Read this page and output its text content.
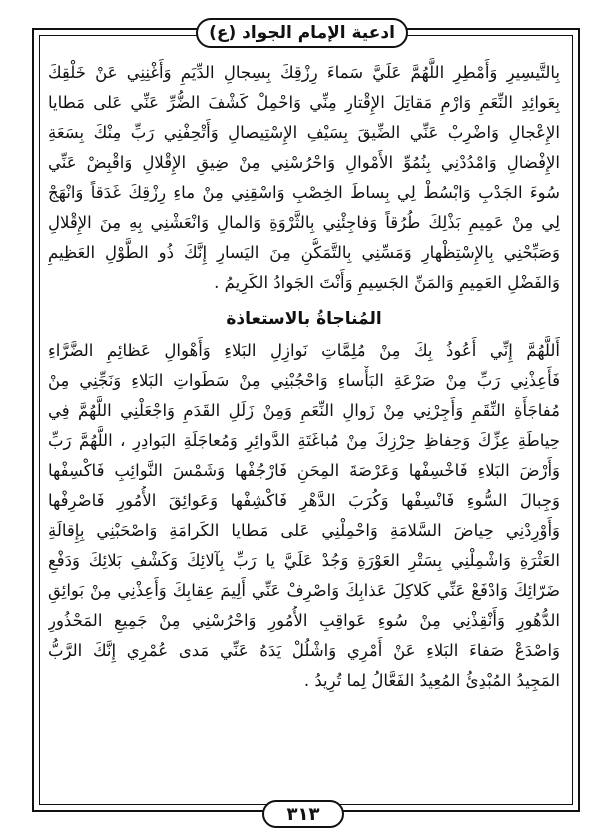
ادعية الإمام الجواد (ع)
بِالتَّيسِيرِ وَأَمْطِرِ اللَّهُمَّ عَلَيَّ سَماءَ رِزْقِكَ بِسِجالِ الدِّيَمِ وَأَغْنِنِي عَنْ خَلْقِكَ
بِعَوائِدِ النِّعَمِ وَارْمِ مَقاتِلَ الإِقْتارِ مِنِّي وَاحْمِلْ كَشْفَ الضُّرِّ عَنِّي عَلى مَطايا
الإِعْجالِ وَاضْرِبْ عَنِّي الضِّيقَ بِسَيْفِ الإِسْتِيصالِ وَأَتْحِفْنِي رَبِّ مِنْكَ بِسَعَةِ
الإِفْضالِ وَامْدُدْنِي بِنُمُوِّ الأَمْوالِ وَاحْرُسْنِي مِنْ ضِيقِ الإِقْلالِ وَاقْبِضْ عَنِّي
سُوءَ الجَدْبِ وَابْسُطْ لِي بِساطَ الخِصْبِ وَاسْقِنِي مِنْ ماءِ رِزْقِكَ غَدَقاً وَانْهَجْ
لِي مِنْ عَمِيمِ بَذْلِكَ طُرُقاً وَفاجِئْنِي بِالثَّرْوَةِ وَالمالِ وَانْعَشْنِي بِهِ مِنَ الإِقْلالِ
وَصَبِّحْنِي بِالإِسْتِظْهارِ وَمَسِّنِي بِالتَّمَكُّنِ مِنَ اليَسارِ إِنَّكَ ذُو الطَّوْلِ العَظِيمِ
وَالفَضْلِ العَمِيمِ وَالمَنِّ الجَسِيمِ وَأَنْتَ الجَوادُ الكَرِيمُ .
المُناجاةُ بالاستعاذة
أَللَّهُمَّ إِنِّي أَعُوذُ بِكَ مِنْ مُلِمَّاتِ نَوازِلِ البَلاءِ وَأَهْوالِ عَظائِمِ الضَّرَّاءِ
فَأَعِذْنِي رَبِّ مِنْ صَرْعَةِ البَأْساءِ وَاحْجُبْنِي مِنْ سَطَواتِ البَلاءِ وَنَجِّنِي مِنْ
مُفاجَأَةِ النِّقَمِ وَأَجِرْنِي مِنْ زَوالِ النِّعَمِ وَمِنْ زَلَلِ القَدَمِ وَاجْعَلْنِي اللَّهُمَّ فِي
حِياطَةِ عِزِّكَ وَحِفاظِ حِرْزِكَ مِنْ مُباغَتَةِ الدَّوائِرِ وَمُعاجَلَةِ البَوادِرِ ، اللَّهُمَّ رَبِّ
وَأَرْضَ البَلاءِ فَاخْسِفْها وَعَرْصَةَ المِحَنِ فَارْجُفْها وَشَمْسَ النَّوائِبِ فَاكْسِفْها
وَجِبالَ السُّوءِ فَانْسِفْها وَكُرَبَ الدَّهْرِ فَاكْشِفْها وَعَوائِقَ الأُمُورِ فَاصْرِفْها
وَأَوْرِدْنِي حِياضَ السَّلامَةِ وَاحْمِلْنِي عَلى مَطايا الكَرامَةِ وَاصْحَبْنِي بِإِقالَةِ
العَثْرَةِ وَاشْمِلْنِي بِسَتْرِ العَوْرَةِ وَجُدْ عَلَيَّ يا رَبِّ بِآلائِكَ وَكَشْفِ بَلائِكَ وَدَفْعِ
ضَرّائِكَ وَادْفَعْ عَنِّي كَلاكِلَ عَذابِكَ وَاصْرِفْ عَنِّي أَلِيمَ عِقابِكَ وَأَعِذْنِي مِنْ بَوائِقِ
الدُّهُورِ وَأَنْقِذْنِي مِنْ سُوءِ عَواقِبِ الأُمُورِ وَاحْرُسْنِي مِنْ جَمِيعِ المَحْذُورِ
وَاصْدَعْ صَفاءَ البَلاءِ عَنْ أَمْرِي وَاشْلُلْ يَدَهُ عَنِّي مَدى عُمْرِي إِنَّكَ الرَّبُّ
المَجِيدُ المُبْدِئُ المُعِيدُ الفَعَّالُ لِما تُرِيدُ .
٣١٣
